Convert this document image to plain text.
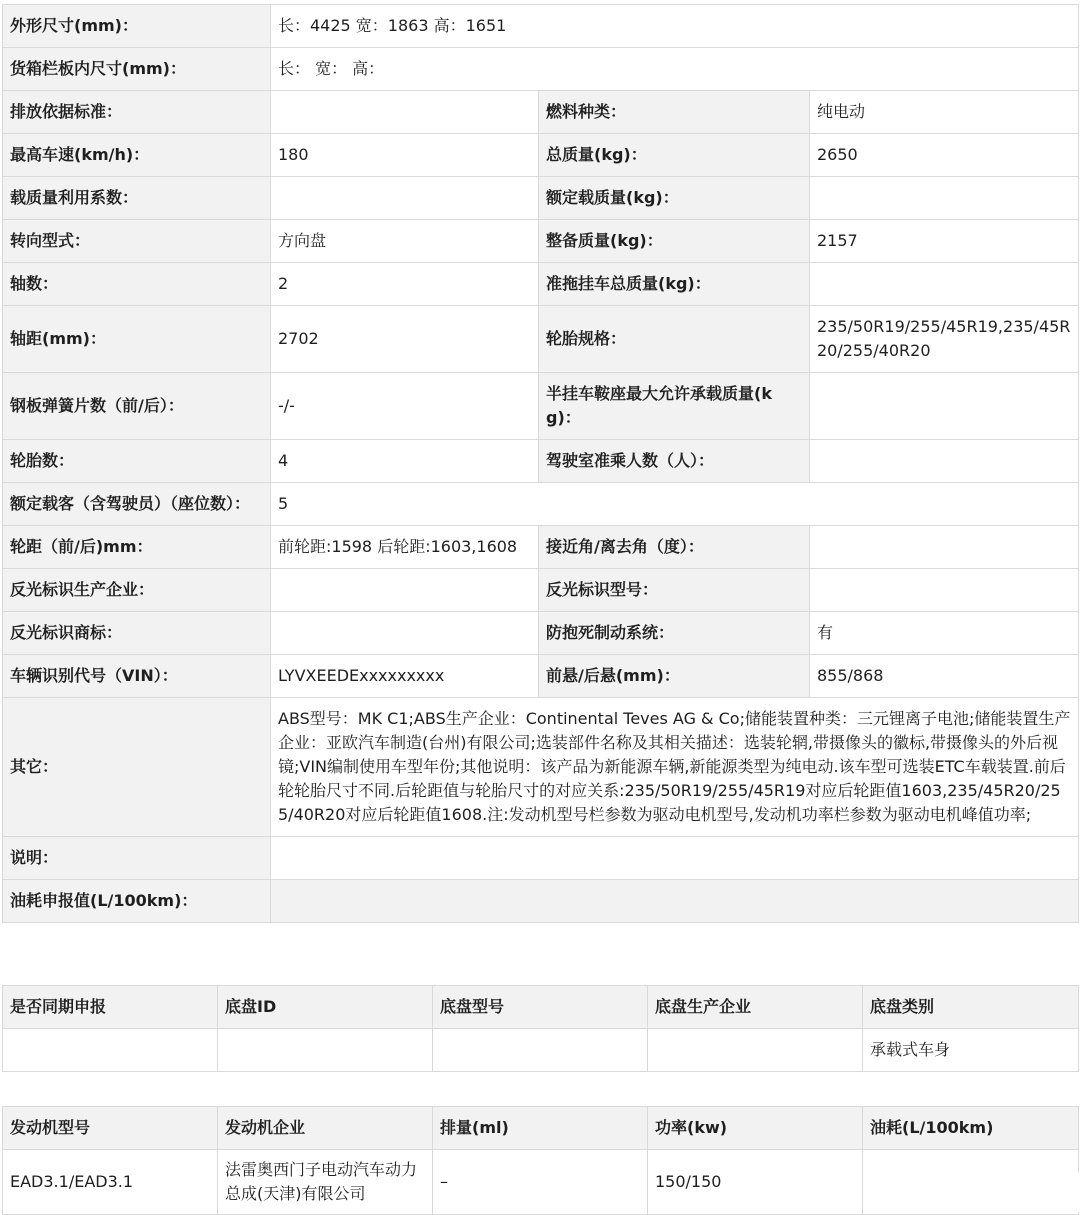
外形尺寸(mm)：	长：4425 宽：1863 高：1651		
货箱栏板内尺寸(mm)：	长： 宽： 高：		
排放依据标准：		燃料种类：	纯电动
最高车速(km/h)：	180	总质量(kg)：	2650
载质量利用系数：		额定载质量(kg)：	
转向型式：	方向盘	整备质量(kg)：	2157
轴数：	2	准拖挂车总质量(kg)：	
轴距(mm)：	2702	轮胎规格：	235/50R19/255/45R19,235/45R20/255/40R20
钢板弹簧片数（前/后）：	-/-	半挂车鞍座最大允许承载质量(kg)：	
轮胎数：	4	驾驶室准乘人数（人）：	
额定载客（含驾驶员）（座位数）：	5		
轮距（前/后)mm：	前轮距:1598 后轮距:1603,1608	接近角/离去角（度）：	
反光标识生产企业：		反光标识型号：	
反光标识商标：		防抱死制动系统：	有
车辆识别代号（VIN）：	LYVXEEDExxxxxxxxx	前悬/后悬(mm)：	855/868
其它：	ABS型号：MK C1;ABS生产企业：Continental Teves AG & Co;储能装置种类：三元锂离子电池;储能装置生产企业：亚欧汽车制造(台州)有限公司;选装部件名称及其相关描述：选装轮辋,带摄像头的徽标,带摄像头的外后视镜;VIN编制使用车型年份;其他说明：该产品为新能源车辆,新能源类型为纯电动.该车型可选装ETC车载装置.前后轮轮胎尺寸不同.后轮距值与轮胎尺寸的对应关系:235/50R19/255/45R19对应后轮距值1603,235/45R20/255/40R20对应后轮距值1608.注:发动机型号栏参数为驱动电机型号,发动机功率栏参数为驱动电机峰值功率;		
说明：			
油耗申报值(L/100km)：			
是否同期申报	底盘ID	底盘型号	底盘生产企业	底盘类别
				承载式车身
发动机型号	发动机企业	排量(ml)	功率(kw)	油耗(L/100km)
EAD3.1/EAD3.1	法雷奥西门子电动汽车动力总成(天津)有限公司	–	150/150	
